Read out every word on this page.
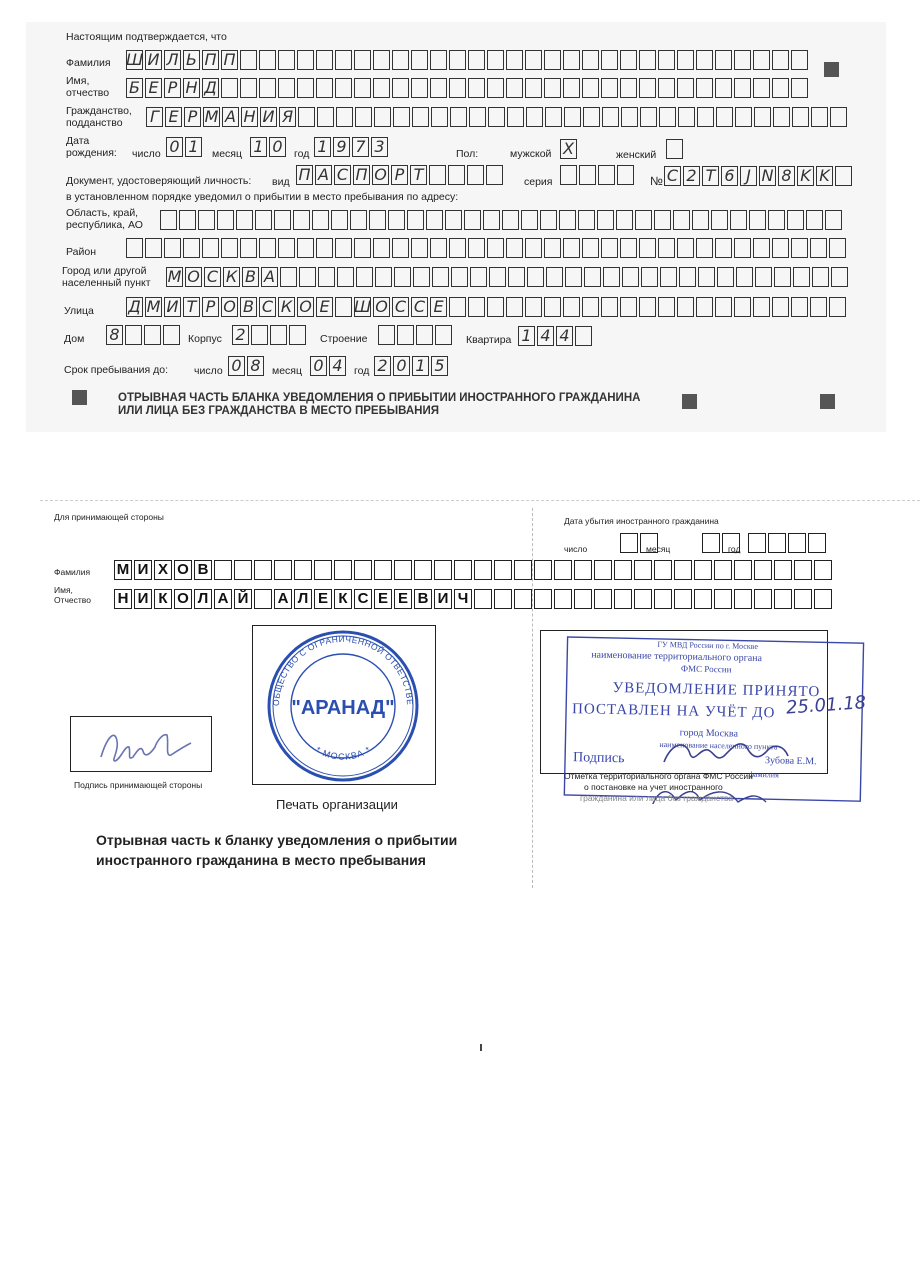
Настоящим подтверждается, что
Фамилия Ш И Л Ь П П
Имя,
отчество Б Е Р Н Д
Гражданство,
подданство Г Е Р М А Н И Я
Дата
рождения: число 0 1	месяц 1 0	год 1 9 7 3	Пол:	мужской Х	женский
Документ, удостоверяющий личность: вид П А С П О Р Т	серия	№ C 2 T 6 J N 8 K K
в установленном порядке уведомил о прибытии в место пребывания по адресу:
Область, край,
республика, АО
Район
Город или другой
населенный пункт М О С К В А
Улица Д М И Т Р О В С К О Е Ш О С С Е
Дом 8	Корпус 2	Строение	Квартира 1 4 4
Срок пребывания до: число 0 8	месяц 0 4	год 2 0 1 5
ОТРЫВНАЯ ЧАСТЬ БЛАНКА УВЕДОМЛЕНИЯ О ПРИБЫТИИ ИНОСТРАННОГО ГРАЖДАНИНА
ИЛИ ЛИЦА БЕЗ ГРАЖДАНСТВА В МЕСТО ПРЕБЫВАНИЯ
Для принимающей стороны	Дата убытия иностранного гражданина
число	месяц	год
Фамилия М И Х О В
Имя,
Отчество Н И К О Л А Й А Л Е К С Е Е В И Ч
Подпись принимающей стороны
ОБЩЕСТВО С ОГРАНИЧЕННОЙ ОТВЕТСТВЕ
* МОСКВА *
"АРАНАД"
Печать организации
ГУ МВД России по г. Москве
наименование территориального органа
ФМС России
УВЕДОМЛЕНИЕ ПРИНЯТО
ПОСТАВЛЕН НА УЧЁТ ДО
город Москва
наименование населенного пункта
Подпись	Зубова Е.М.
фамилия
25.01.18
Отметка территориального органа ФМС России
о постановке на учет иностранного
гражданина или лица без гражданства
Отрывная часть к бланку уведомления о прибытии
иностранного гражданина в место пребывания
